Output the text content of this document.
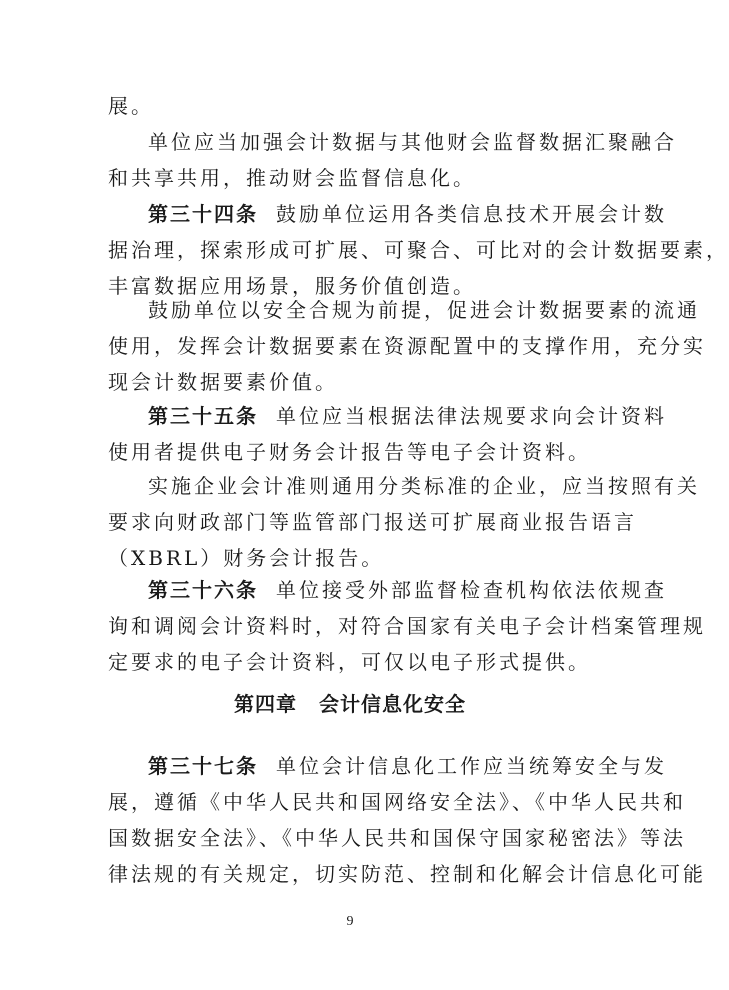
展。
单位应当加强会计数据与其他财会监督数据汇聚融合
和共享共用，推动财会监督信息化。
第三十四条 鼓励单位运用各类信息技术开展会计数
据治理，探索形成可扩展、可聚合、可比对的会计数据要素，
丰富数据应用场景，服务价值创造。
鼓励单位以安全合规为前提，促进会计数据要素的流通
使用，发挥会计数据要素在资源配置中的支撑作用，充分实
现会计数据要素价值。
第三十五条 单位应当根据法律法规要求向会计资料
使用者提供电子财务会计报告等电子会计资料。
实施企业会计准则通用分类标准的企业，应当按照有关
要求向财政部门等监管部门报送可扩展商业报告语言
（XBRL）财务会计报告。
第三十六条 单位接受外部监督检查机构依法依规查
询和调阅会计资料时，对符合国家有关电子会计档案管理规
定要求的电子会计资料，可仅以电子形式提供。
第四章 会计信息化安全
第三十七条 单位会计信息化工作应当统筹安全与发
展，遵循《中华人民共和国网络安全法》、《中华人民共和
国数据安全法》、《中华人民共和国保守国家秘密法》等法
律法规的有关规定，切实防范、控制和化解会计信息化可能
9
